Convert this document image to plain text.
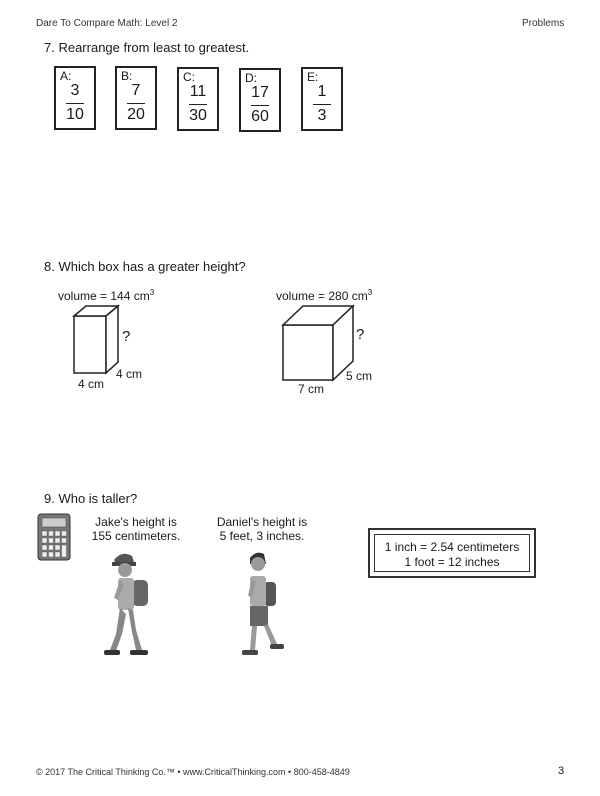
Dare To Compare Math: Level 2	Problems
7. Rearrange from least to greatest.
A:
3
10
B:
7
20
C:
11
30
D:
17
60
E:
1
3
8. Which box has a greater height?
volume = 144 $cm^3$
?
4 cm
4 cm
volume = 280 $cm^3$
?
5 cm
7 cm
9. Who is taller?
Jake's height is
155 centimeters.
Daniel's height is
5 feet, 3 inches.
1 inch = 2.54 centimeters
1 foot = 12 inches
© 2017 The Critical Thinking Co.™ • www.CriticalThinking.com • 800-458-4849	3
